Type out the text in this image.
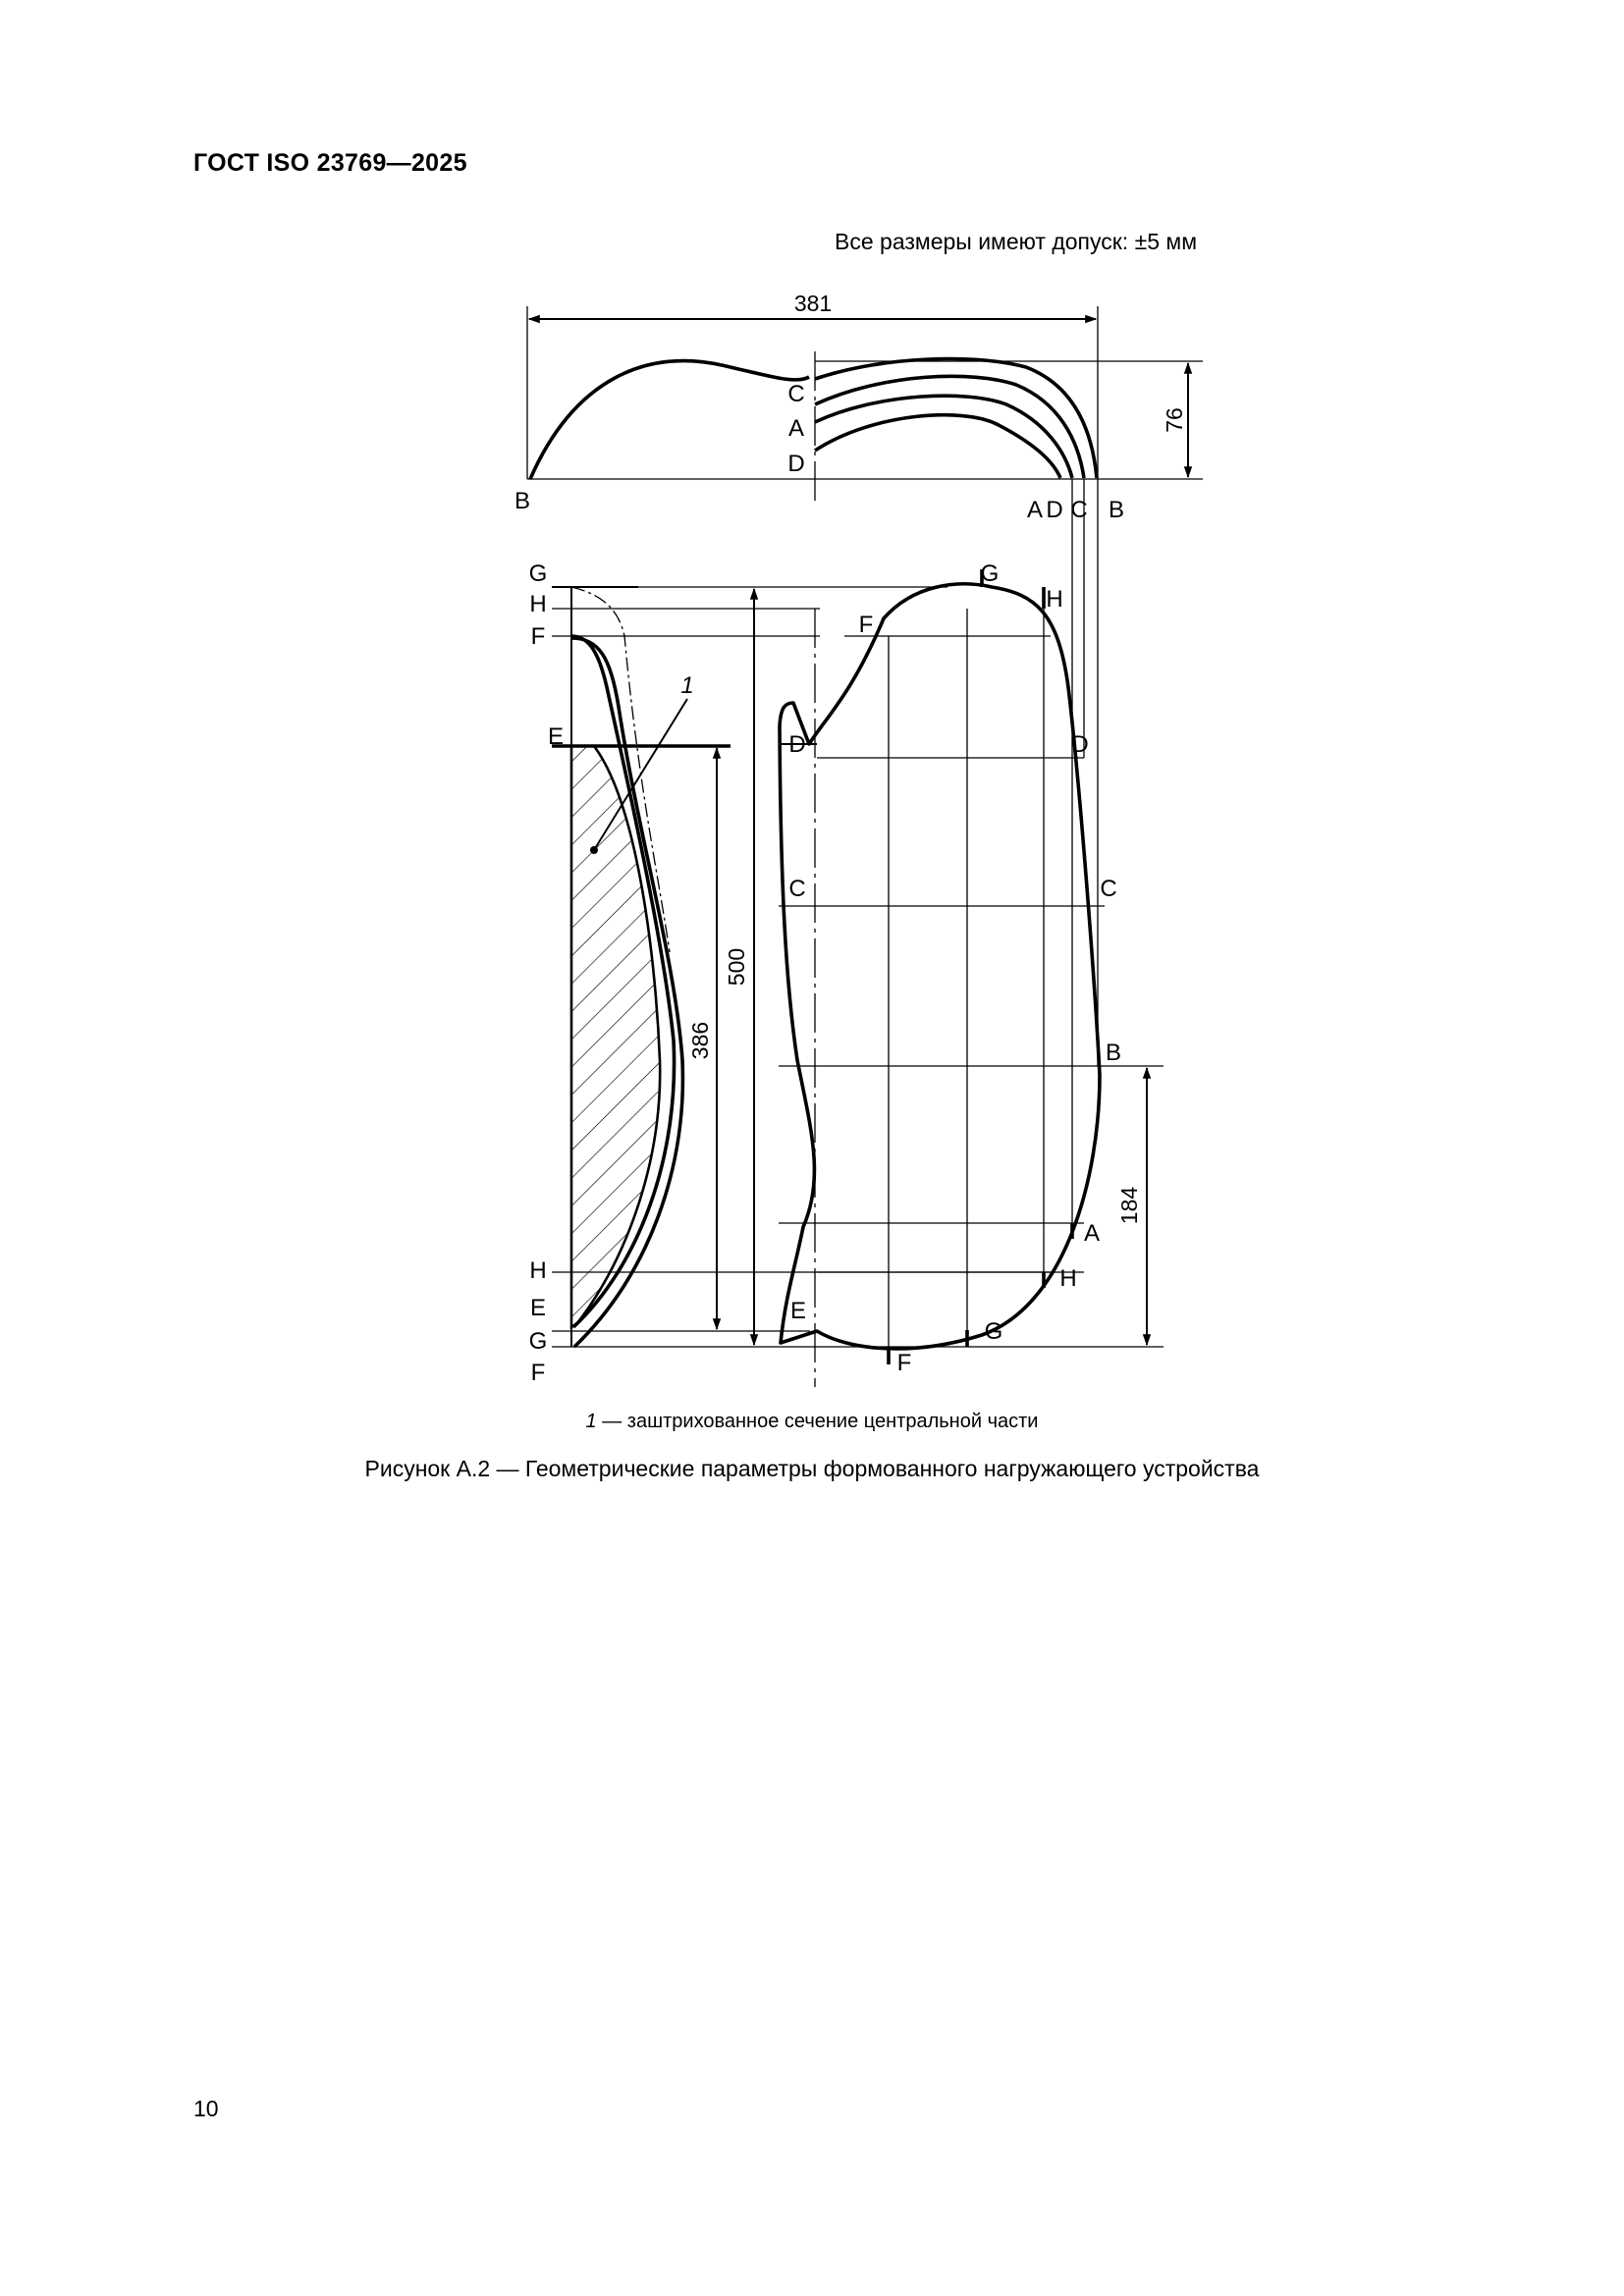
ГОСТ ISO 23769—2025
Все размеры имеют допуск: ±5 мм
381
76
C
A
D
B	A D C B
500
386
1
G
H
F
E
H
E
G
F
184
G
H
F
D	D
C	C
B
A
H
E
G
F
1 — заштрихованное сечение центральной части
Рисунок А.2 — Геометрические параметры формованного нагружающего устройства
10
